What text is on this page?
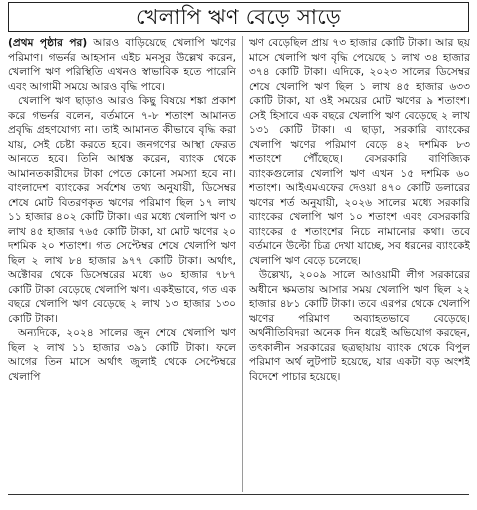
খেলাপি ঋণ বেড়ে সাড়ে

(প্রথম পৃষ্ঠার পর) আরও বাড়িয়েছে খেলাপি ঋণের পরিমাণ। গভর্নর আহসান এইচ মনসুর উল্লেখ করেন, খেলাপি ঋণ পরিস্থিতি এখনও স্বাভাবিক হতে পারেনি এবং আগামী সময়ে আরও বৃদ্ধি পাবে।

খেলাপি ঋণ ছাড়াও আরও কিছু বিষয়ে শঙ্কা প্রকাশ করে গভর্নর বলেন, বর্তমানে ৭-৮ শতাংশ আমানত প্রবৃদ্ধি গ্রহণযোগ্য না। তাই আমানত কীভাবে বৃদ্ধি করা যায়, সেই চেষ্টা করতে হবে। জনগণের আস্থা ফেরত আনতে হবে। তিনি আশ্বস্ত করেন, ব্যাংক থেকে আমানতকারীদের টাকা পেতে কোনো সমস্যা হবে না। বাংলাদেশ ব্যাংকের সর্বশেষ তথ্য অনুযায়ী, ডিসেম্বর শেষে মোট বিতরণকৃত ঋণের পরিমাণ ছিল ১৭ লাখ ১১ হাজার ৪০২ কোটি টাকা। এর মধ্যে খেলাপি ঋণ ৩ লাখ ৪৫ হাজার ৭৬৫ কোটি টাকা, যা মোট ঋণের ২০ দশমিক ২০ শতাংশ। গত সেপ্টেম্বর শেষে খেলাপি ঋণ ছিল ২ লাখ ৮৪ হাজার ৯৭৭ কোটি টাকা। অর্থাৎ, অক্টোবর থেকে ডিসেম্বরের মধ্যে ৬০ হাজার ৭৮৭ কোটি টাকা বেড়েছে খেলাপি ঋণ। একইভাবে, গত এক বছরে খেলাপি ঋণ বেড়েছে ২ লাখ ১৩ হাজার ১৩০ কোটি টাকা।

অন্যদিকে, ২০২৪ সালের জুন শেষে খেলাপি ঋণ ছিল ২ লাখ ১১ হাজার ৩৯১ কোটি টাকা। ফলে আগের তিন মাসে অর্থাৎ জুলাই থেকে সেপ্টেম্বরে খেলাপি

ঋণ বেড়েছিল প্রায় ৭৩ হাজার কোটি টাকা। আর ছয় মাসে খেলাপি ঋণ বৃদ্ধি পেয়েছে ১ লাখ ৩৪ হাজার ৩৭৪ কোটি টাকা। এদিকে, ২০২৩ সালের ডিসেম্বর শেষে খেলাপি ঋণ ছিল ১ লাখ ৪৫ হাজার ৬৩৩ কোটি টাকা, যা ওই সময়ের মোট ঋণের ৯ শতাংশ। সেই হিসাবে এক বছরে খেলাপি ঋণ বেড়েছে ২ লাখ ১৩১ কোটি টাকা। এ ছাড়া, সরকারি ব্যাংকের খেলাপি ঋণের পরিমাণ বেড়ে ৪২ দশমিক ৮৩ শতাংশে পৌঁছেছে। বেসরকারি বাণিজ্যিক ব্যাংকগুলোর খেলাপি ঋণ এখন ১৫ দশমিক ৬০ শতাংশ। আইএমএফের দেওয়া ৪৭০ কোটি ডলারের ঋণের শর্ত অনুযায়ী, ২০২৬ সালের মধ্যে সরকারি ব্যাংকের খেলাপি ঋণ ১০ শতাংশ এবং বেসরকারি ব্যাংকের ৫ শতাংশের নিচে নামানোর কথা। তবে বর্তমানে উল্টো চিত্র দেখা যাচ্ছে, সব ধরনের ব্যাংকেই খেলাপি ঋণ বেড়ে চলেছে।

উল্লেখ্য, ২০০৯ সালে আওয়ামী লীগ সরকারের অধীনে ক্ষমতায় আসার সময় খেলাপি ঋণ ছিল ২২ হাজার ৪৮১ কোটি টাকা। তবে এরপর থেকে খেলাপি ঋণের পরিমাণ অব্যাহতভাবে বেড়েছে। অর্থনীতিবিদরা অনেক দিন ধরেই অভিযোগ করছেন, তৎকালীন সরকারের ছত্রছায়ায় ব্যাংক থেকে বিপুল পরিমাণ অর্থ লুটপাট হয়েছে, যার একটা বড় অংশই বিদেশে পাচার হয়েছে।
